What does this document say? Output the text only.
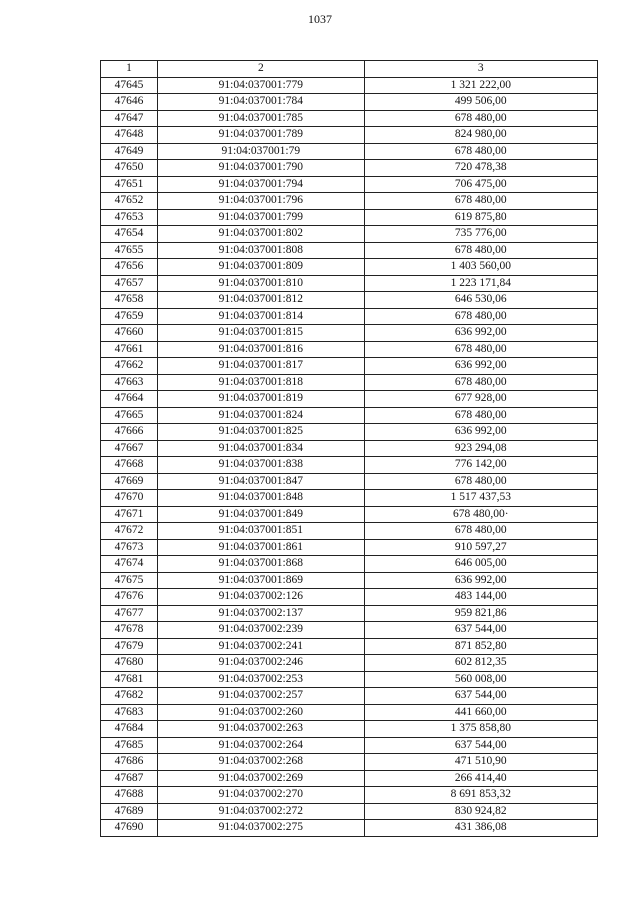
1037
1	2	3
47645	91:04:037001:779	1 321 222,00
47646	91:04:037001:784	499 506,00
47647	91:04:037001:785	678 480,00
47648	91:04:037001:789	824 980,00
47649	91:04:037001:79	678 480,00
47650	91:04:037001:790	720 478,38
47651	91:04:037001:794	706 475,00
47652	91:04:037001:796	678 480,00
47653	91:04:037001:799	619 875,80
47654	91:04:037001:802	735 776,00
47655	91:04:037001:808	678 480,00
47656	91:04:037001:809	1 403 560,00
47657	91:04:037001:810	1 223 171,84
47658	91:04:037001:812	646 530,06
47659	91:04:037001:814	678 480,00
47660	91:04:037001:815	636 992,00
47661	91:04:037001:816	678 480,00
47662	91:04:037001:817	636 992,00
47663	91:04:037001:818	678 480,00
47664	91:04:037001:819	677 928,00
47665	91:04:037001:824	678 480,00
47666	91:04:037001:825	636 992,00
47667	91:04:037001:834	923 294,08
47668	91:04:037001:838	776 142,00
47669	91:04:037001:847	678 480,00
47670	91:04:037001:848	1 517 437,53
47671	91:04:037001:849	678 480,00·
47672	91:04:037001:851	678 480,00
47673	91:04:037001:861	910 597,27
47674	91:04:037001:868	646 005,00
47675	91:04:037001:869	636 992,00
47676	91:04:037002:126	483 144,00
47677	91:04:037002:137	959 821,86
47678	91:04:037002:239	637 544,00
47679	91:04:037002:241	871 852,80
47680	91:04:037002:246	602 812,35
47681	91:04:037002:253	560 008,00
47682	91:04:037002:257	637 544,00
47683	91:04:037002:260	441 660,00
47684	91:04:037002:263	1 375 858,80
47685	91:04:037002:264	637 544,00
47686	91:04:037002:268	471 510,90
47687	91:04:037002:269	266 414,40
47688	91:04:037002:270	8 691 853,32
47689	91:04:037002:272	830 924,82
47690	91:04:037002:275	431 386,08
